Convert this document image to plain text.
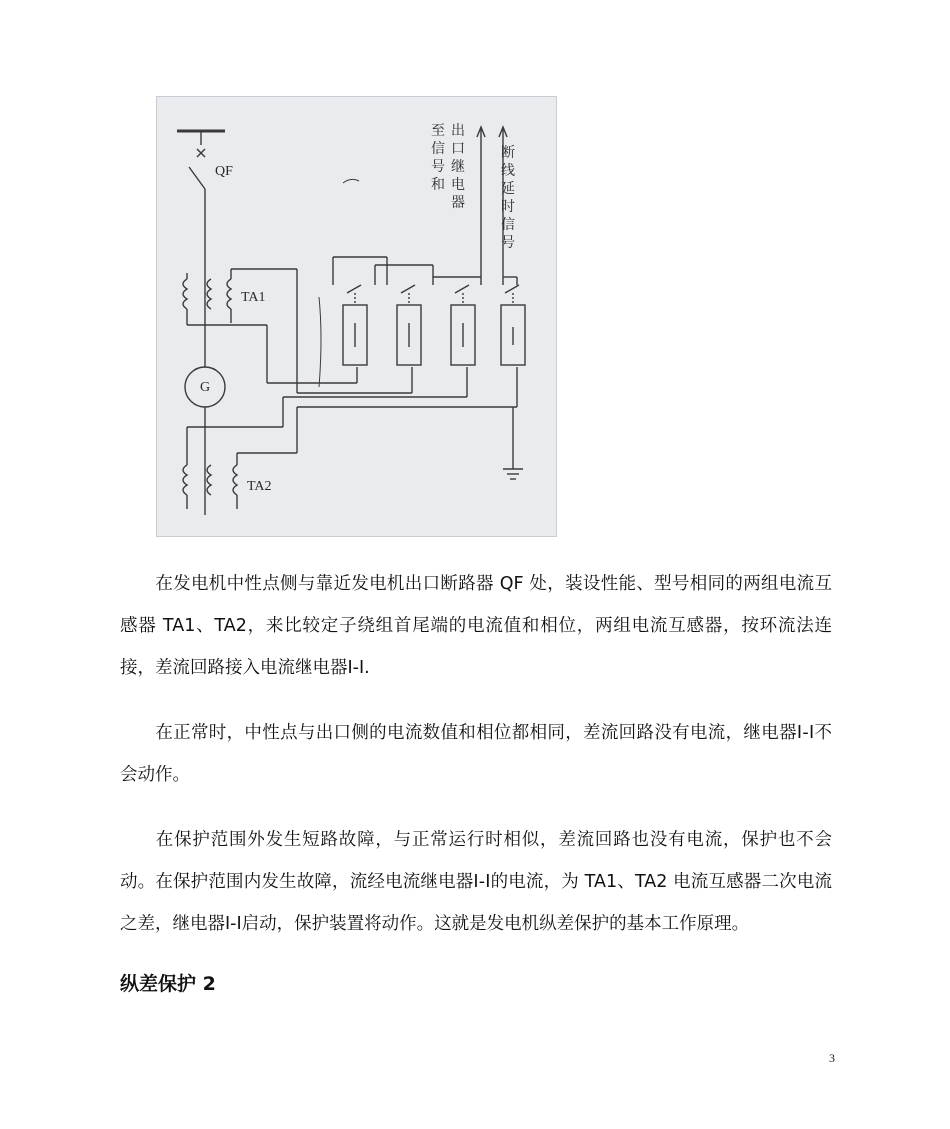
G
QF
TA1
TA2
至
信
号
和
出
口
继
电
器
断
线
延
时
信
号

在发电机中性点侧与靠近发电机出口断路器 QF 处，装设性能、型号相同的两组电流互感器 TA1、TA2，来比较定子绕组首尾端的电流值和相位，两组电流互感器，按环流法连接，差流回路接入电流继电器Ⅰ-Ⅰ.

在正常时，中性点与出口侧的电流数值和相位都相同，差流回路没有电流，继电器Ⅰ-Ⅰ不会动作。

在保护范围外发生短路故障，与正常运行时相似，差流回路也没有电流，保护也不会动。在保护范围内发生故障，流经电流继电器Ⅰ-Ⅰ的电流，为 TA1、TA2 电流互感器二次电流之差，继电器Ⅰ-Ⅰ启动，保护装置将动作。这就是发电机纵差保护的基本工作原理。

纵差保护 2
3
